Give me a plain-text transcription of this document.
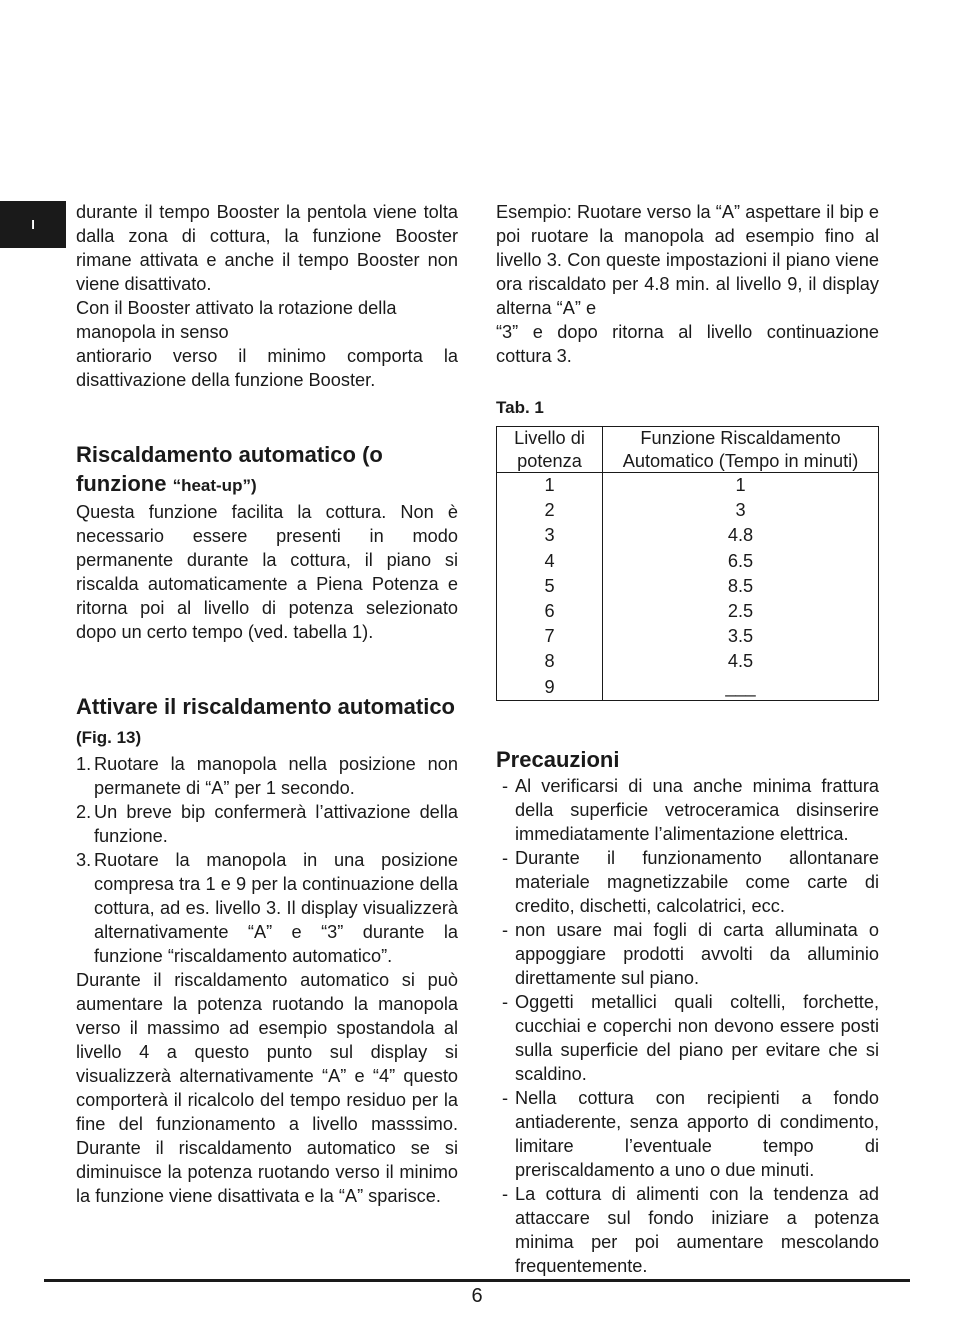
I

durante il tempo Booster la pentola viene tolta dalla zona di cottura, la funzione Booster rimane attivata e anche il tempo Booster non viene disattivato.

Con il Booster attivato la rotazione della manopola in senso

antiorario verso il minimo comporta la disattivazione della funzione Booster.

Riscaldamento automatico (o funzione “heat-up”)

Questa funzione facilita la cottura. Non è necessario essere presenti in modo permanente durante la cottura, il piano si riscalda automaticamente a Piena Potenza e ritorna poi al livello di potenza selezionato dopo un certo tempo (ved. tabella 1).

Attivare il riscaldamento automatico (Fig. 13)
1. Ruotare la manopola nella posizione non permanete di “A” per 1 secondo.
2. Un breve bip confermerà l’attivazione della funzione.
3. Ruotare la manopola in una posizione compresa tra 1 e 9 per la continuazione della cottura, ad es. livello 3. Il display visualizzerà alternativamente “A” e “3” durante la funzione “riscaldamento automatico”.

Durante il riscaldamento automatico si può aumentare la potenza ruotando la manopola verso il massimo ad esempio spostandola al livello 4 a questo punto sul display si visualizzerà alternativamente “A” e “4” questo comporterà il ricalcolo del tempo residuo per la fine del funzionamento a livello masssimo. Durante il riscaldamento automatico se si diminuisce la potenza ruotando verso il minimo la funzione viene disattivata e la “A” sparisce.

Esempio: Ruotare verso la “A” aspettare il bip e poi ruotare la manopola ad esempio fino al livello 3. Con queste impostazioni il piano viene ora riscaldato per 4.8 min. al livello 9, il display alterna “A” e

“3” e dopo ritorna al livello continuazione cottura 3.

Tab. 1
Livello di potenza	Funzione Riscaldamento Automatico (Tempo in minuti)
1	1
2	3
3	4.8
4	6.5
5	8.5
6	2.5
7	3.5
8	4.5
9	___
Precauzioni
- Al verificarsi di una anche minima frattura della superficie vetroceramica disinserire immediatamente l’alimentazione elettrica.
- Durante il funzionamento allontanare materiale magnetizzabile come carte di credito, dischetti, calcolatrici, ecc.
- non usare mai fogli di carta alluminata o appoggiare prodotti avvolti da alluminio direttamente sul piano.
- Oggetti metallici quali coltelli, forchette, cucchiai e coperchi non devono essere posti sulla superficie del piano per evitare che si scaldino.
- Nella cottura con recipienti a fondo antiaderente, senza apporto di condimento, limitare l’eventuale tempo di preriscaldamento a uno o due minuti.
- La cottura di alimenti con la tendenza ad attaccare sul fondo iniziare a potenza minima per poi aumentare mescolando frequentemente.
6
